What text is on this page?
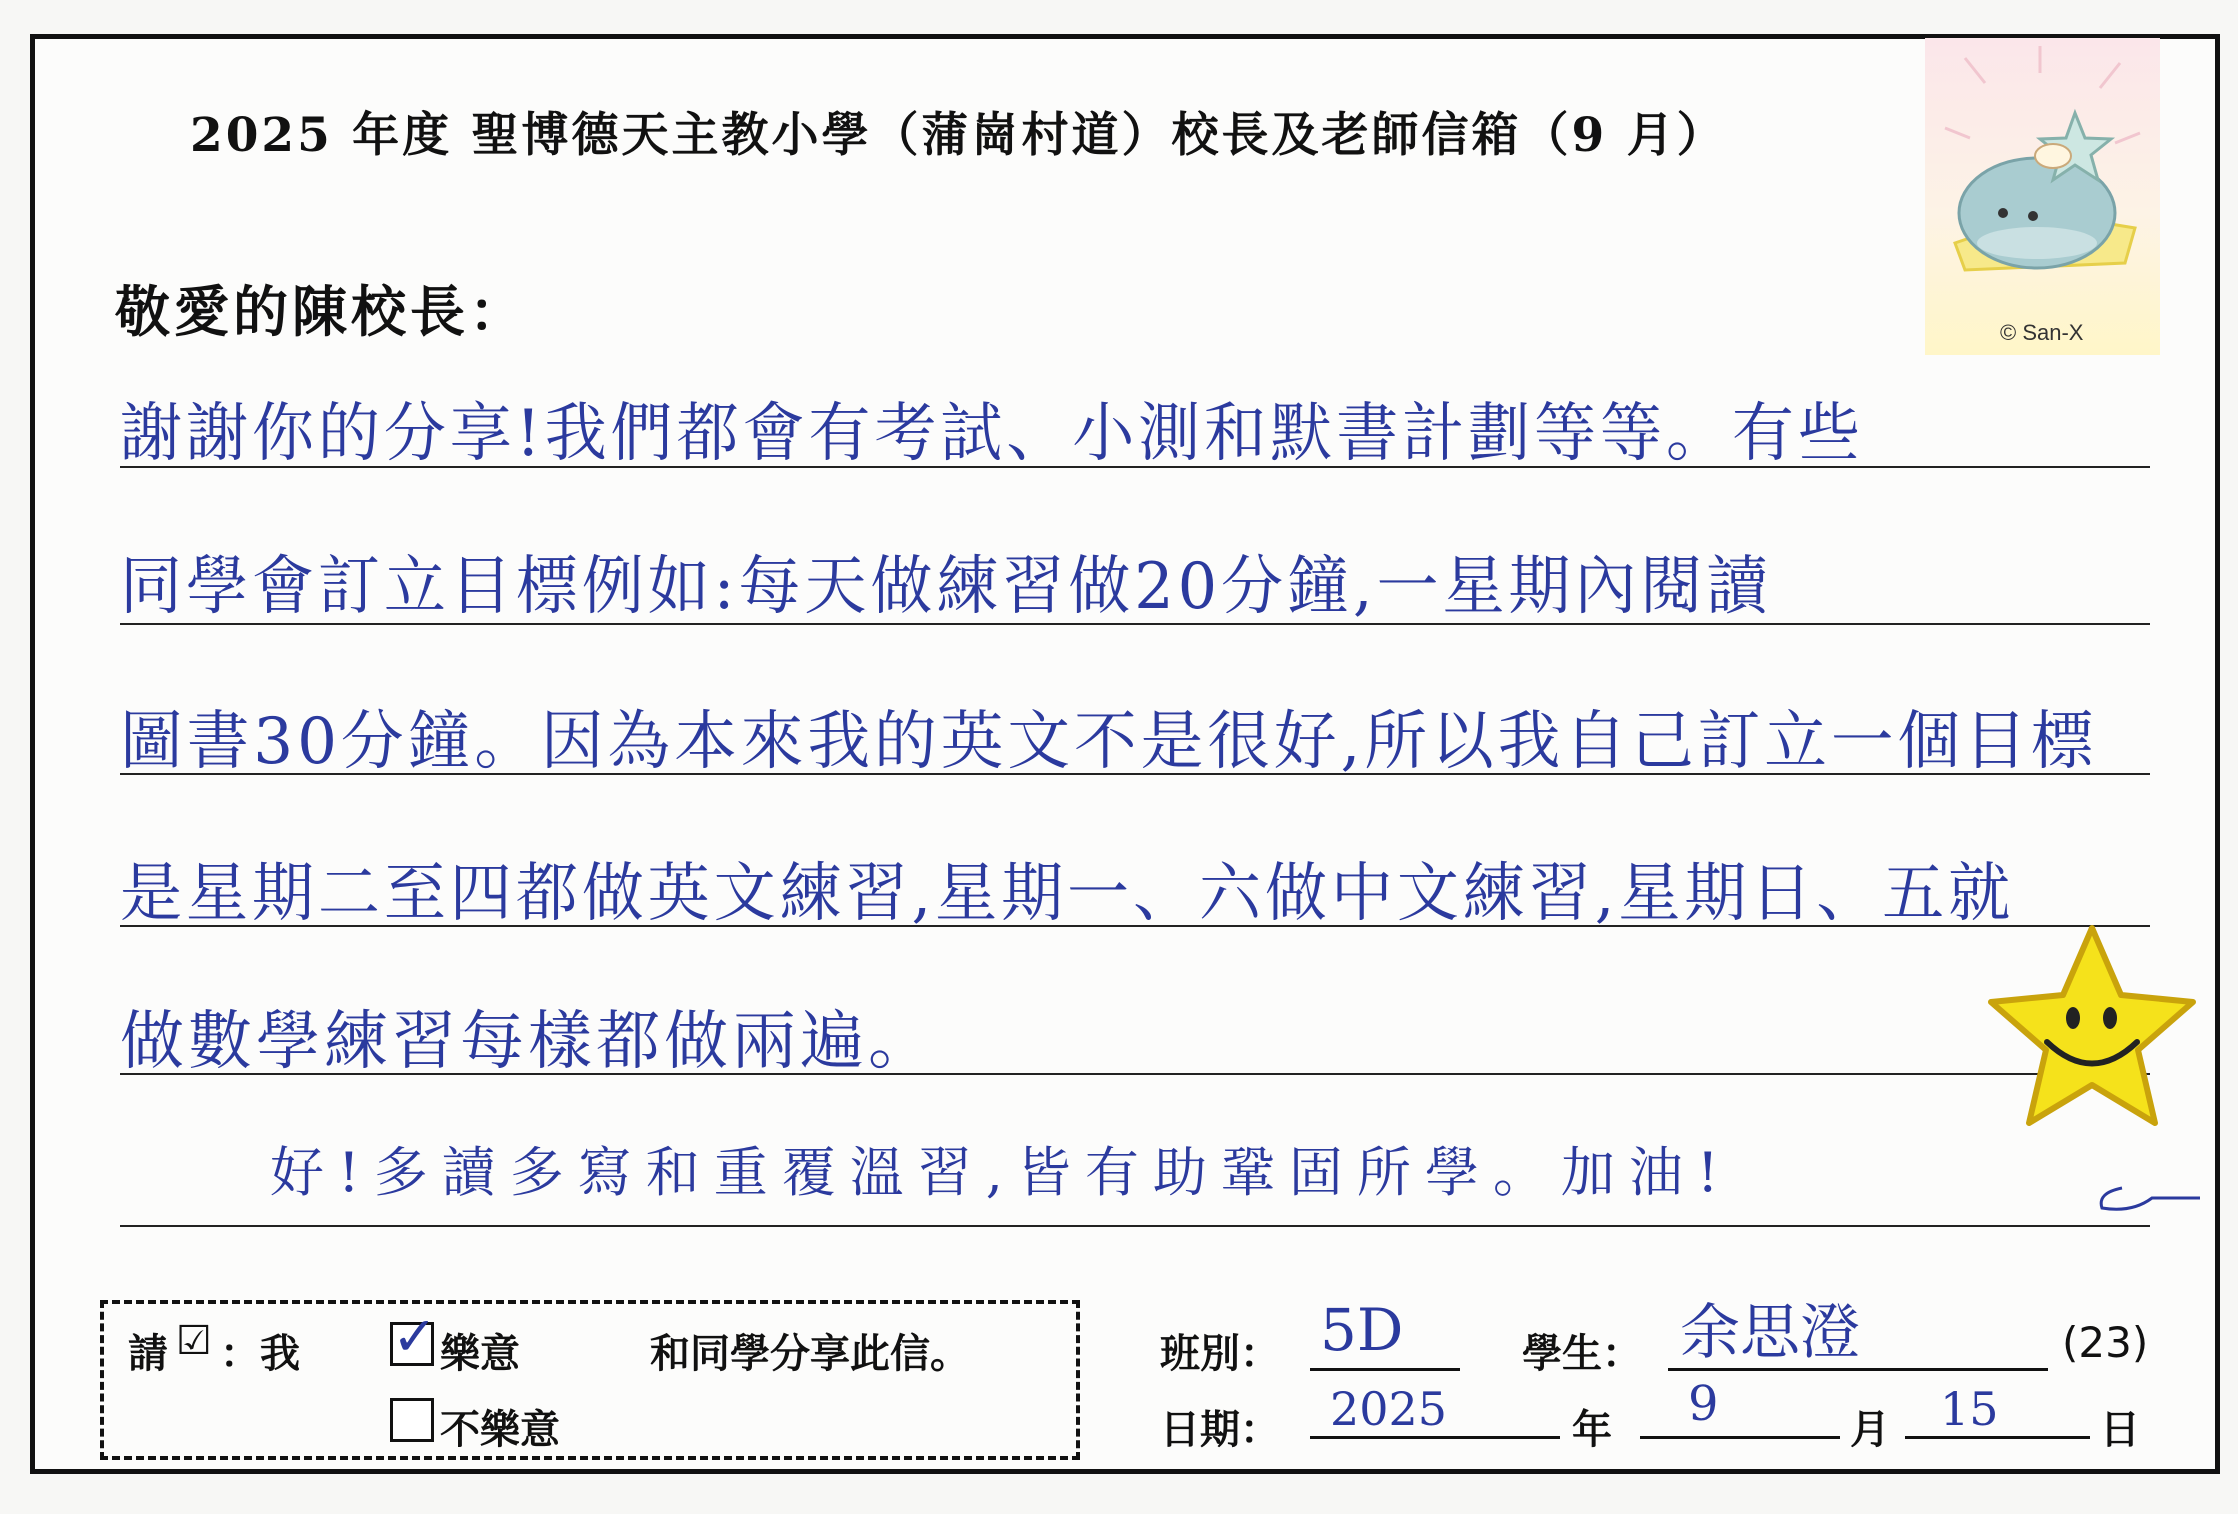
2025 年度 聖博德天主教小學（蒲崗村道）校長及老師信箱（9 月）
© San-X
敬愛的陳校長：
謝謝你的分享!我們都會有考試、小測和默書計劃等等。有些
同學會訂立目標例如:每天做練習做20分鐘,一星期內閱讀
圖書30分鐘。因為本來我的英文不是很好,所以我自己訂立一個目標
是星期二至四都做英文練習,星期一、六做中文練習,星期日、五就
做數學練習每樣都做兩遍。
好!多讀多寫和重覆溫習,皆有助鞏固所學。加油!
請 ☑ ：我 ✓ 樂意	和同學分享此信。
不樂意
班別： 5D	學生： 余思澄	(23)
日期： 2025	年 9	月 15	日
